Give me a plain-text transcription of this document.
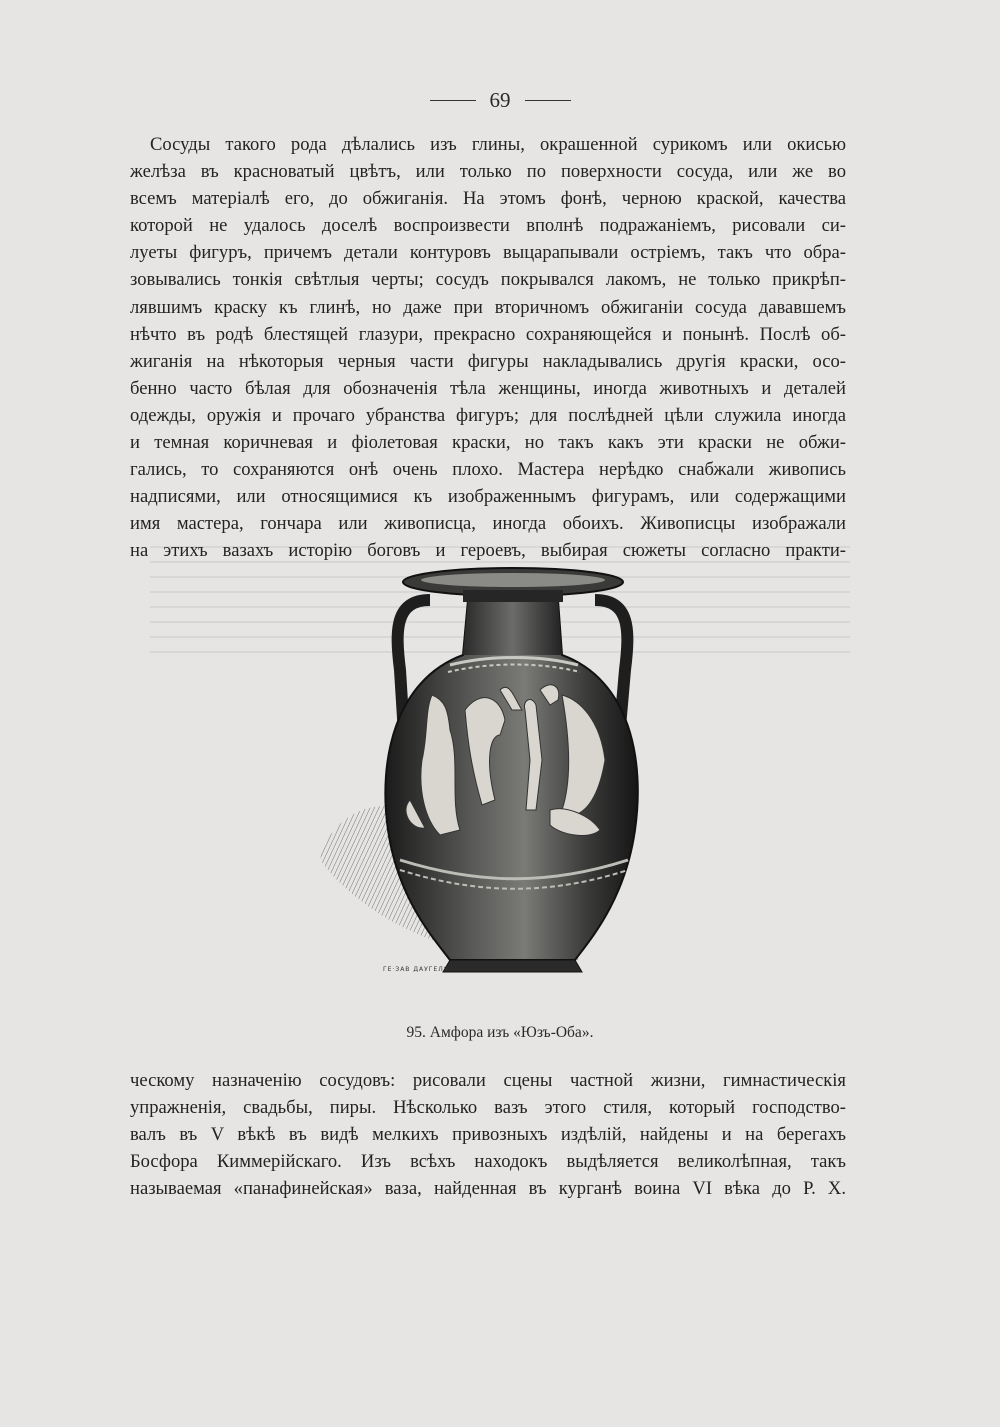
69

Сосуды такого рода дѣлались изъ глины, окрашенной сурикомъ или окисью
желѣза въ красноватый цвѣтъ, или только по поверхности сосуда, или же во
всемъ матеріалѣ его, до обжиганія. На этомъ фонѣ, черною краской, качества
которой не удалось доселѣ воспроизвести вполнѣ подражаніемъ, рисовали си-
луеты фигуръ, причемъ детали контуровъ выцарапывали остріемъ, такъ что обра-
зовывались тонкія свѣтлыя черты; сосудъ покрывался лакомъ, не только прикрѣп-
лявшимъ краску къ глинѣ, но даже при вторичномъ обжиганіи сосуда дававшемъ
нѣчто въ родѣ блестящей глазури, прекрасно сохраняющейся и понынѣ. Послѣ об-
жиганія на нѣкоторыя черныя части фигуры накладывались другія краски, осо-
бенно часто бѣлая для обозначенія тѣла женщины, иногда животныхъ и деталей
одежды, оружія и прочаго убранства фигуръ; для послѣдней цѣли служила иногда
и темная коричневая и фіолетовая краски, но такъ какъ эти краски не обжи-
гались, то сохраняются онѣ очень плохо. Мастера нерѣдко снабжали живопись
надписями, или относящимися къ изображеннымъ фигурамъ, или содержащими
имя мастера, гончара или живописца, иногда обоихъ. Живописцы изображали
на этихъ вазахъ исторію боговъ и героевъ, выбирая сюжеты согласно практи-

ГЕ·ЗАВ ДАУГЕЛЯ
95. Амфора изъ «Юзъ-Оба».

ческому назначенію сосудовъ: рисовали сцены частной жизни, гимнастическія
упражненія, свадьбы, пиры. Нѣсколько вазъ этого стиля, который господство-
валъ въ V вѣкѣ въ видѣ мелкихъ привозныхъ издѣлій, найдены и на берегахъ
Босфора Киммерійскаго. Изъ всѣхъ находокъ выдѣляется великолѣпная, такъ
называемая «панафинейская» ваза, найденная въ курганѣ воина VI вѣка до Р. Х.
